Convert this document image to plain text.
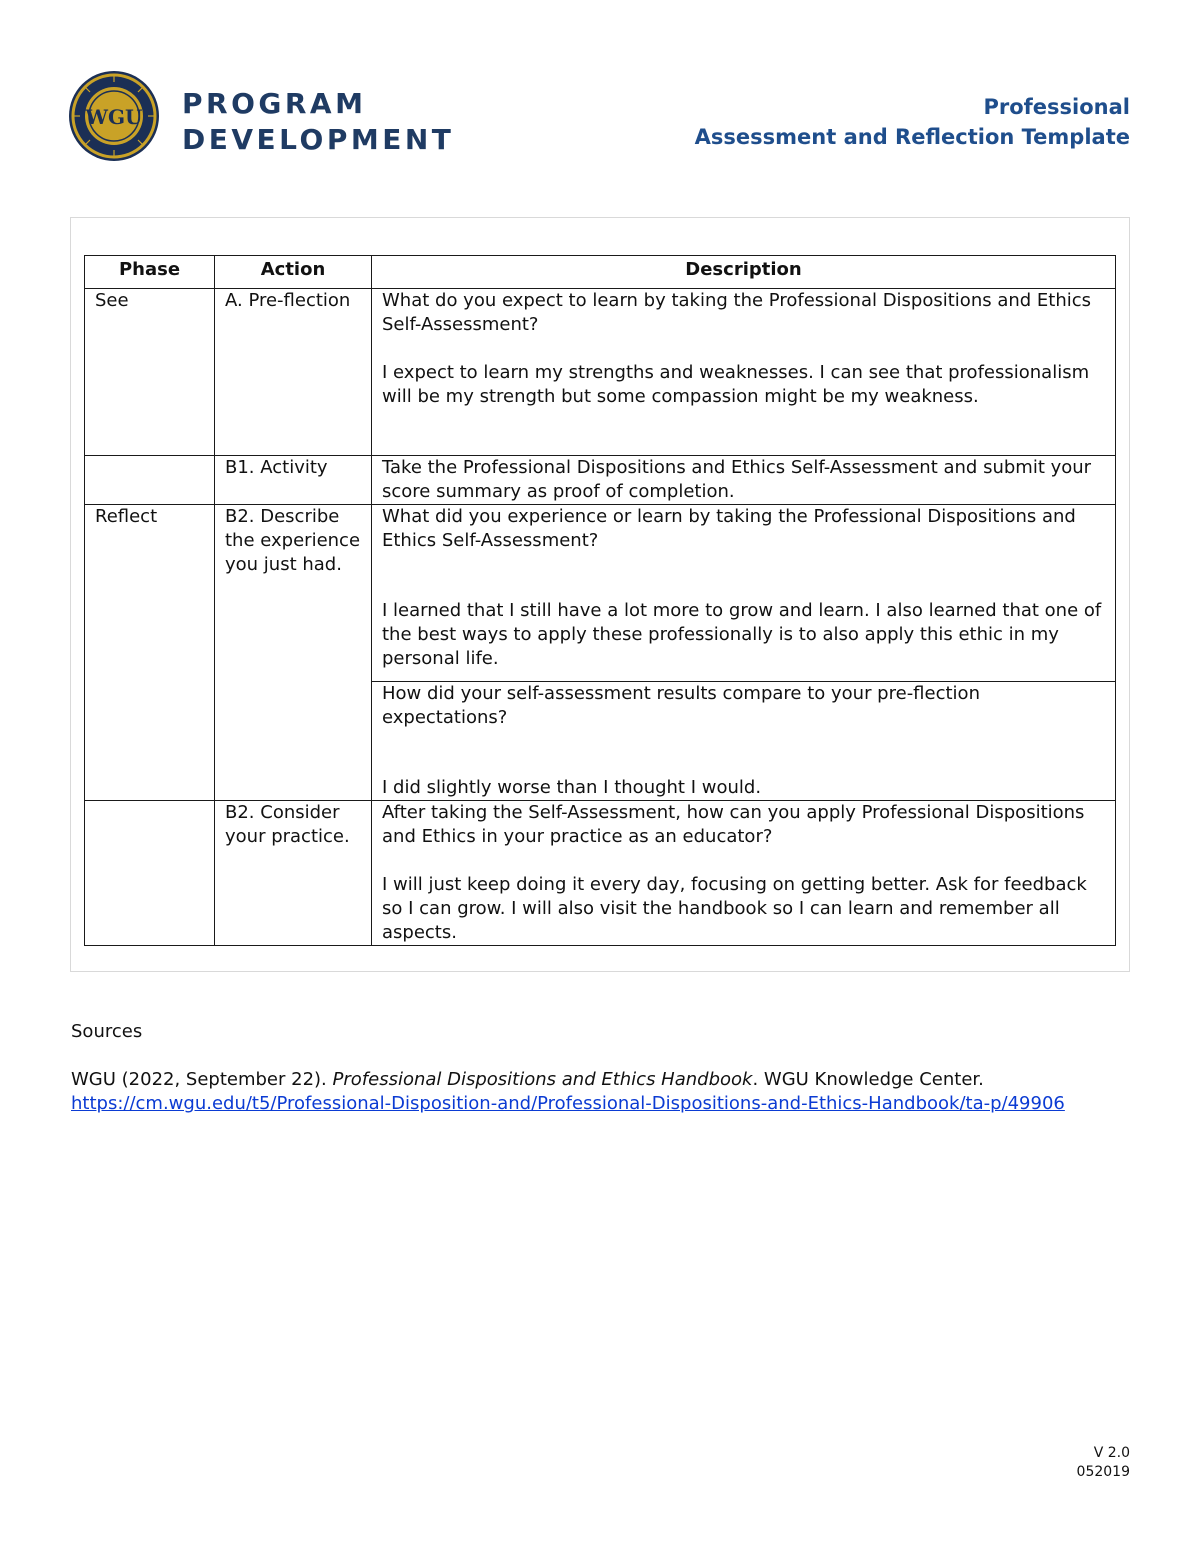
WGU PROGRAM
DEVELOPMENT
Professional
Assessment and Reflection Template
Phase	Action	Description
See	A. Pre-flection	What do you expect to learn by taking the Professional Dispositions and Ethics Self-Assessment?

I expect to learn my strengths and weaknesses. I can see that professionalism will be my strength but some compassion might be my weakness.

	B1. Activity	Take the Professional Dispositions and Ethics Self-Assessment and submit your score summary as proof of completion.

Reflect	B2. Describe the experience you just had.	What did you experience or learn by taking the Professional Dispositions and Ethics Self-Assessment?

I learned that I still have a lot more to grow and learn. I also learned that one of the best ways to apply these professionally is to also apply this ethic in my personal life.

		How did your self-assessment results compare to your pre-flection expectations?

I did slightly worse than I thought I would.

	B2. Consider your practice.	After taking the Self-Assessment, how can you apply Professional Dispositions and Ethics in your practice as an educator?

I will just keep doing it every day, focusing on getting better. Ask for feedback so I can grow. I will also visit the handbook so I can learn and remember all aspects.

Sources
WGU (2022, September 22). Professional Dispositions and Ethics Handbook. WGU Knowledge Center.
https://cm.wgu.edu/t5/Professional-Disposition-and/Professional-Dispositions-and-Ethics-Handbook/ta-p/49906
V 2.0
052019
